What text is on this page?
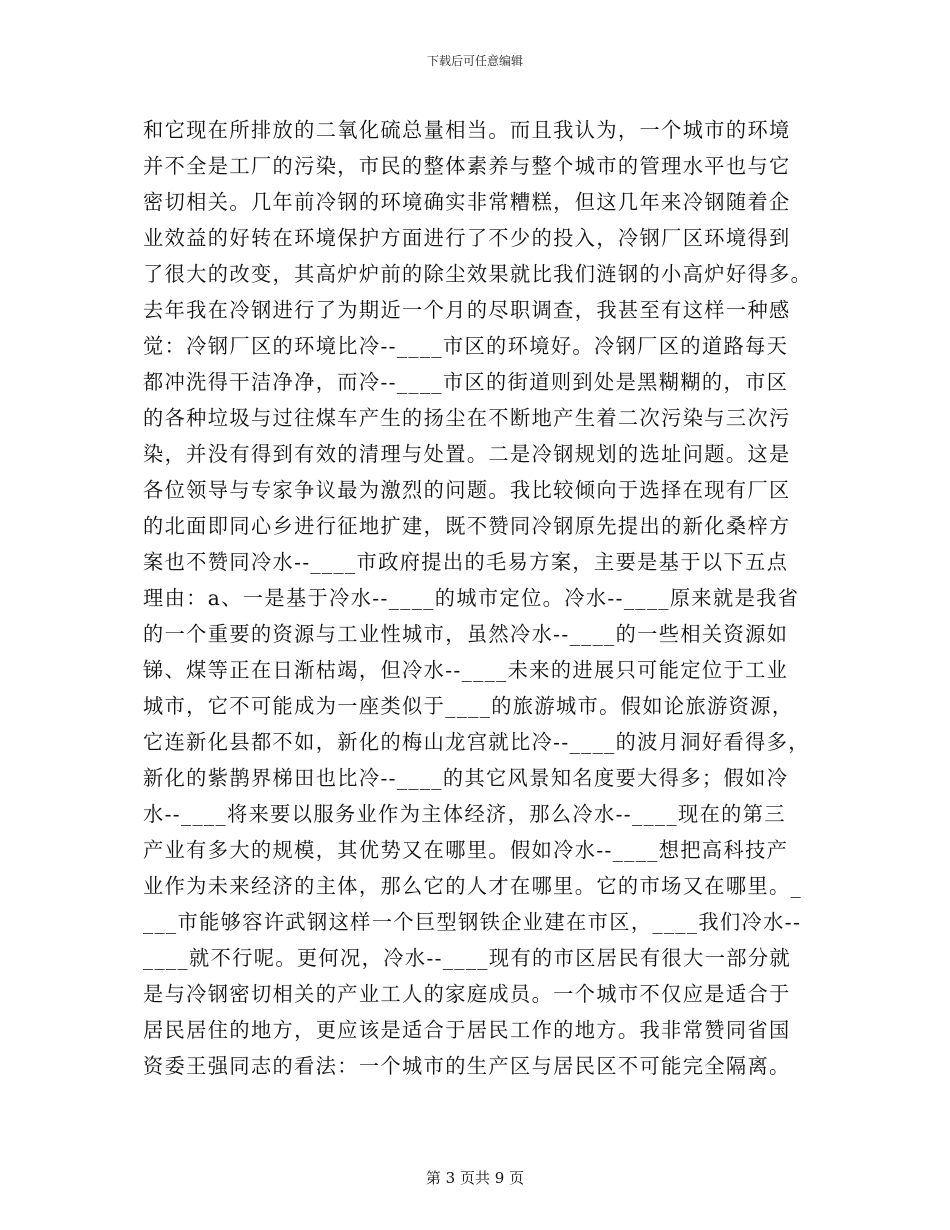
下载后可任意编辑
和它现在所排放的二氧化硫总量相当。而且我认为，一个城市的环境
并不全是工厂的污染，市民的整体素养与整个城市的管理水平也与它
密切相关。几年前冷钢的环境确实非常糟糕，但这几年来冷钢随着企
业效益的好转在环境保护方面进行了不少的投入，冷钢厂区环境得到
了很大的改变，其高炉炉前的除尘效果就比我们涟钢的小高炉好得多。
去年我在冷钢进行了为期近一个月的尽职调查，我甚至有这样一种感
觉：冷钢厂区的环境比冷--____市区的环境好。冷钢厂区的道路每天
都冲洗得干洁净净，而冷--____市区的街道则到处是黑糊糊的，市区
的各种垃圾与过往煤车产生的扬尘在不断地产生着二次污染与三次污
染，并没有得到有效的清理与处置。二是冷钢规划的选址问题。这是
各位领导与专家争议最为激烈的问题。我比较倾向于选择在现有厂区
的北面即同心乡进行征地扩建，既不赞同冷钢原先提出的新化桑梓方
案也不赞同冷水--____市政府提出的毛易方案，主要是基于以下五点
理由：a、一是基于冷水--____的城市定位。冷水--____原来就是我省
的一个重要的资源与工业性城市，虽然冷水--____的一些相关资源如
锑、煤等正在日渐枯竭，但冷水--____未来的进展只可能定位于工业
城市，它不可能成为一座类似于____的旅游城市。假如论旅游资源，
它连新化县都不如，新化的梅山龙宫就比冷--____的波月洞好看得多，
新化的紫鹊界梯田也比冷--____的其它风景知名度要大得多；假如冷
水--____将来要以服务业作为主体经济，那么冷水--____现在的第三
产业有多大的规模，其优势又在哪里。假如冷水--____想把高科技产
业作为未来经济的主体，那么它的人才在哪里。它的市场又在哪里。_
___市能够容许武钢这样一个巨型钢铁企业建在市区，____我们冷水--
____就不行呢。更何况，冷水--____现有的市区居民有很大一部分就
是与冷钢密切相关的产业工人的家庭成员。一个城市不仅应是适合于
居民居住的地方，更应该是适合于居民工作的地方。我非常赞同省国
资委王强同志的看法：一个城市的生产区与居民区不可能完全隔离。
第 3 页共 9 页
